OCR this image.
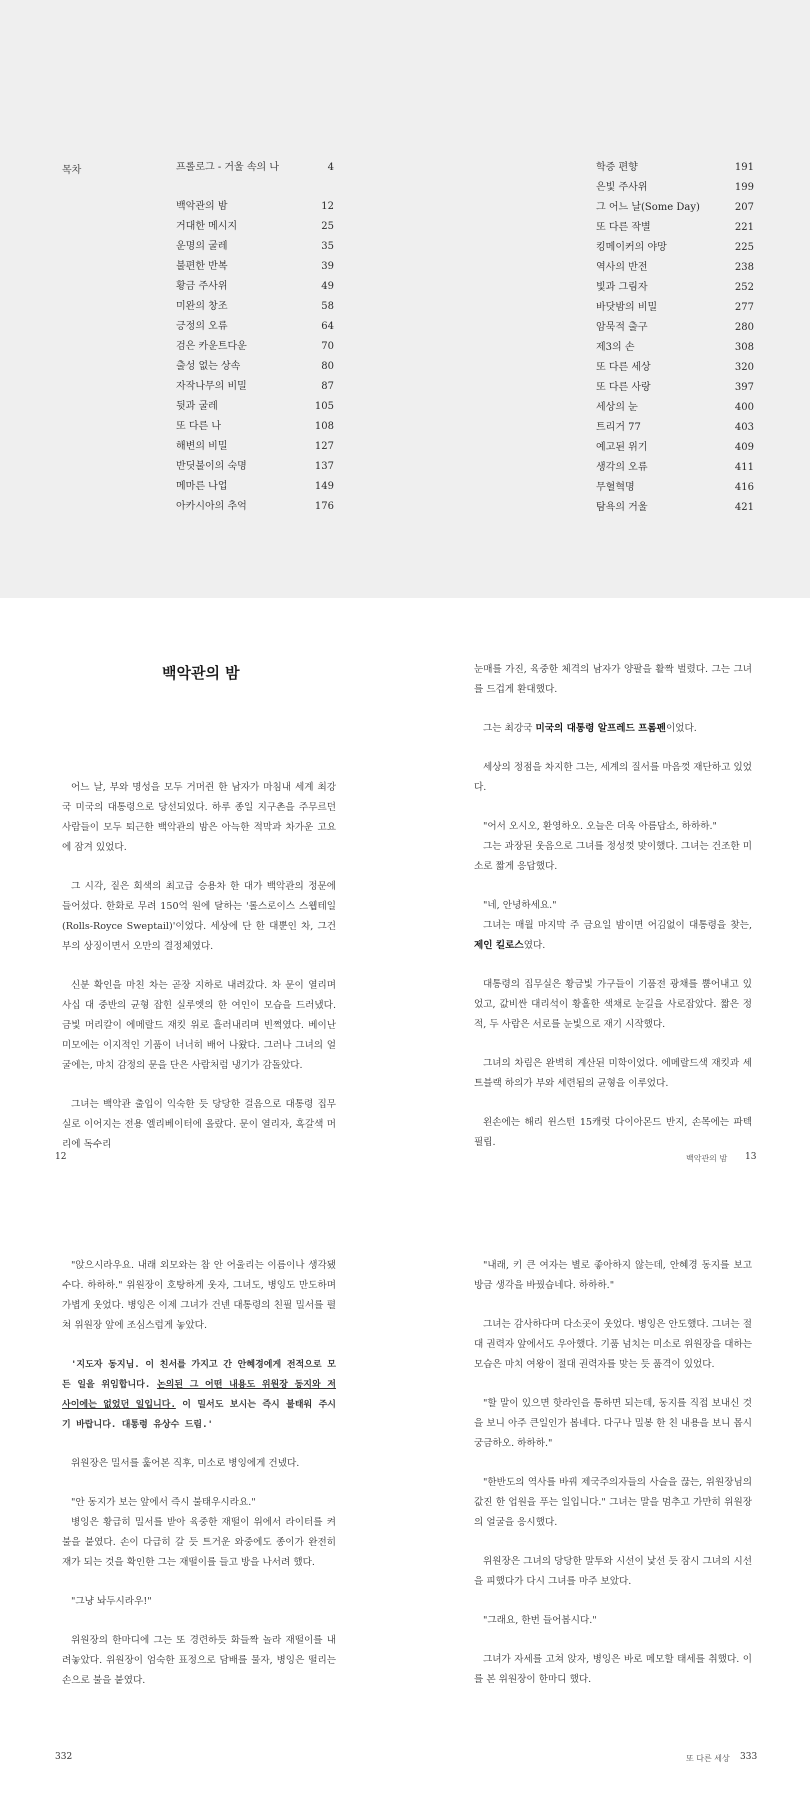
목차	프롤로그 - 거울 속의 나	4
백악관의 밤	12
거대한 메시지	25
운명의 굴레	35
불편한 반복	39
황금 주사위	49
미완의 창조	58
긍정의 오류	64
검은 카운트다운	70
출성 없는 상속	80
자작나무의 비밀	87
뒷과 굴레	105
또 다른 나	108
해변의 비밀	127
반딧불이의 숙명	137
메마른 나업	149
아카시아의 추억	176
학증 편향	191
은빛 주사위	199
그 어느 날(Some Day)	207
또 다른 작별	221
킹메이커의 야망	225
역사의 반전	238
빛과 그림자	252
바닷밤의 비밀	277
암묵적 출구	280
제3의 손	308
또 다른 세상	320
또 다른 사랑	397
세상의 눈	400
트리거 77	403
예고된 위기	409
생각의 오류	411
무혈혁명	416
탐욕의 거울	421
백악관의 밤

어느 날, 부와 명성을 모두 거머쥔 한 남자가 마침내 세계 최강국 미국의 대통령으로 당선되었다. 하루 종일 지구촌을 주무르던 사람들이 모두 퇴근한 백악관의 밤은 아늑한 적막과 차가운 고요에 잠겨 있었다.

그 시각, 짙은 회색의 최고급 승용차 한 대가 백악관의 정문에 들어섰다. 한화로 무려 150억 원에 달하는 '롤스로이스 스웹테일(Rolls-Royce Sweptail)'이었다. 세상에 단 한 대뿐인 차, 그건 부의 상징이면서 오만의 결정체였다.

신분 확인을 마친 차는 곧장 지하로 내려갔다. 차 문이 열리며 사십 대 중반의 균형 잡힌 실루엣의 한 여인이 모습을 드러냈다. 금빛 머리칼이 에메랄드 재킷 위로 흘러내리며 빈쩍였다. 베이난 미모에는 이지적인 기품이 너너히 배어 나왔다. 그러나 그녀의 얼굴에는, 마치 감정의 문을 단은 사람처럼 냉기가 감돌았다.

그녀는 백악관 출입이 익숙한 듯 당당한 걸음으로 대통령 집무실로 이어지는 전용 엘리베이터에 올랐다. 문이 열리자, 흑갈색 머리에 독수리

12

눈매를 가진, 육중한 체격의 남자가 양팔을 활짝 벌렸다. 그는 그녀를 드겁게 환대했다.

그는 최강국 미국의 대통령 알프레드 프롬펜이었다.

세상의 정점을 차지한 그는, 세계의 질서를 마음껏 재단하고 있었다.

"어서 오시오, 환영하오. 오늘은 더욱 아름답소, 하하하."

그는 과장된 웃음으로 그녀를 정성껏 맞이했다. 그녀는 건조한 미소로 짧게 응답했다.

"네, 안녕하세요."

그녀는 매월 마지막 주 금요일 밤이면 어김없이 대통령을 찾는, 제인 킬로스였다.

대통령의 집무실은 황금빛 가구들이 기품전 광채를 뿜어내고 있었고, 값비싼 대리석이 황홀한 색채로 눈길을 사로잡았다. 짧은 정적, 두 사람은 서로를 눈빛으로 재기 시작했다.

그녀의 차림은 완벽히 계산된 미학이었다. 에메랄드색 재킷과 세트블랙 하의가 부와 세련됨의 균형을 이루었다.

왼손에는 해리 윈스턴 15캐럿 다이아몬드 반지, 손목에는 파텍 필립.

백악관의 밤 13

"앉으시라우요. 내래 외모와는 참 안 어울리는 이름이나 생각됐수다. 하하하." 위원장이 호탕하게 웃자, 그녀도, 병잉도 만도하며 가볍게 웃었다. 병잉은 이제 그녀가 건넨 대통령의 친필 밀서를 펼쳐 위원장 앞에 조심스럽게 놓았다.

'지도자 동지님. 이 친서를 가지고 간 안혜경에게 전적으로 모든 일을 위임합니다. 논의된 그 어떤 내용도 위원장 동지와 저 사이에는 없었던 일입니다. 이 밀서도 보시는 즉시 불태워 주시기 바랍니다. 대통령 유상수 드림.'

위원장은 밀서를 훑어본 직후, 미소로 병잉에게 건넸다.

"안 동지가 보는 앞에서 즉시 불태우시라요."

병잉은 황급히 밀서를 받아 육중한 재떨이 위에서 라이터를 켜 불을 붙였다. 손이 다급히 갈 듯 트거운 와중에도 종이가 완전히 재가 되는 것을 확인한 그는 재떨이를 들고 방을 나서려 했다.

"그냥 놔두시라우!"

위원장의 한마디에 그는 또 경련하듯 화들짝 놀라 재떨이를 내려놓았다. 위원장이 엄숙한 표정으로 담배를 물자, 병잉은 떨리는 손으로 불을 붙였다.

332

"내래, 키 큰 여자는 별로 좋아하지 않는데, 안혜경 동지를 보고 방금 생각을 바꿨습네다. 하하하."

그녀는 감사하다며 다소곳이 웃었다. 병잉은 안도했다. 그녀는 절대 권력자 앞에서도 우아했다. 기품 넘치는 미소로 위원장을 대하는 모습은 마치 여왕이 절대 권력자를 맞는 듯 품격이 있었다.

"할 말이 있으면 핫라인을 통하면 되는데, 동지를 직접 보내신 것을 보니 아주 큰일인가 봅네다. 다구나 밀봉 한 친 내용을 보니 몹시 궁금하오. 하하하."

"한반도의 역사를 바꿔 제국주의자들의 사슬을 끊는, 위원장님의 값진 한 업원을 푸는 일입니다." 그녀는 말을 멈추고 가만히 위원장의 얼굴을 응시했다.

위원장은 그녀의 당당한 말투와 시선이 낯선 듯 잠시 그녀의 시선을 피했다가 다시 그녀를 마주 보았다.

"그래요, 한번 들어봅시다."

그녀가 자세를 고쳐 앉자, 병잉은 바로 메모할 태세를 취했다. 이를 본 위원장이 한마디 했다.

또 다른 세상 333
